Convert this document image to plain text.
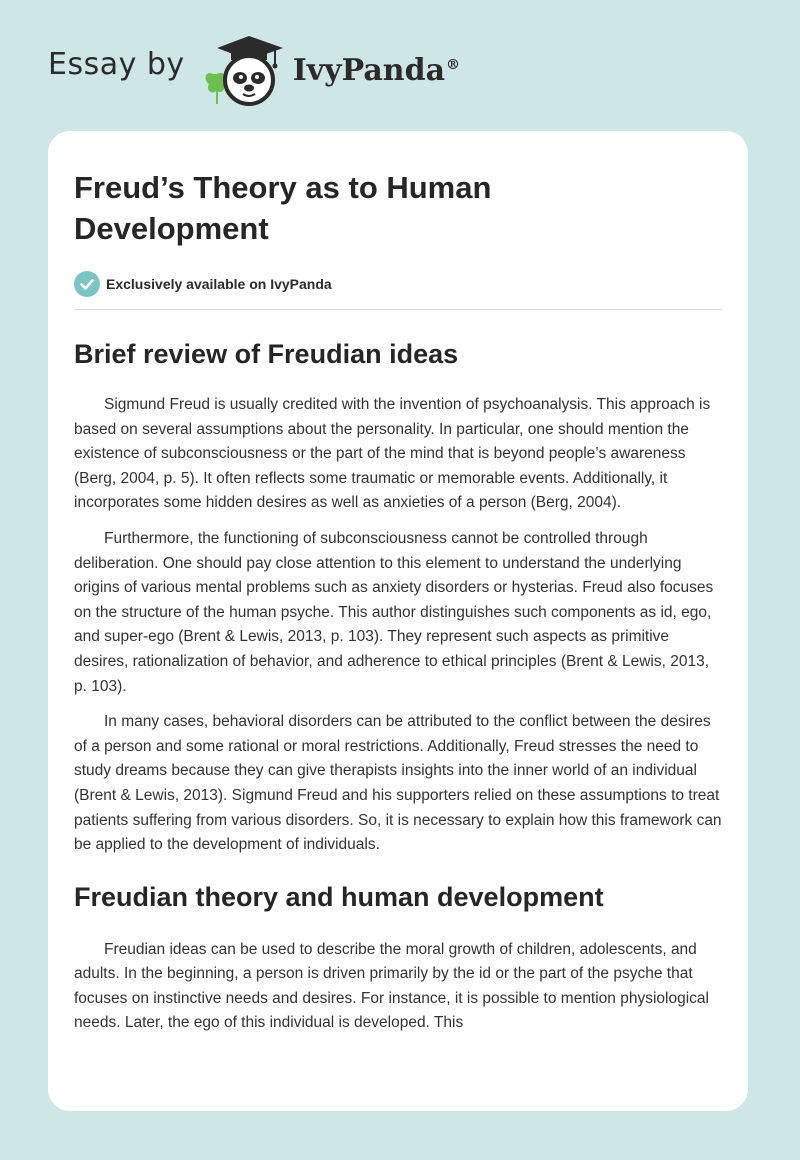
Essay by	IvyPanda®
Freud’s Theory as to Human Development
Exclusively available on IvyPanda
Brief review of Freudian ideas

Sigmund Freud is usually credited with the invention of psychoanalysis. This approach is based on several assumptions about the personality. In particular, one should mention the existence of subconsciousness or the part of the mind that is beyond people’s awareness (Berg, 2004, p. 5). It often reflects some traumatic or memorable events. Additionally, it incorporates some hidden desires as well as anxieties of a person (Berg, 2004).

Furthermore, the functioning of subconsciousness cannot be controlled through deliberation. One should pay close attention to this element to understand the underlying origins of various mental problems such as anxiety disorders or hysterias. Freud also focuses on the structure of the human psyche. This author distinguishes such components as id, ego, and super-ego (Brent & Lewis, 2013, p. 103). They represent such aspects as primitive desires, rationalization of behavior, and adherence to ethical principles (Brent & Lewis, 2013, p. 103).

In many cases, behavioral disorders can be attributed to the conflict between the desires of a person and some rational or moral restrictions. Additionally, Freud stresses the need to study dreams because they can give therapists insights into the inner world of an individual (Brent & Lewis, 2013). Sigmund Freud and his supporters relied on these assumptions to treat patients suffering from various disorders. So, it is necessary to explain how this framework can be applied to the development of individuals.

Freudian theory and human development

Freudian ideas can be used to describe the moral growth of children, adolescents, and adults. In the beginning, a person is driven primarily by the id or the part of the psyche that focuses on instinctive needs and desires. For instance, it is possible to mention physiological needs. Later, the ego of this individual is developed. This
